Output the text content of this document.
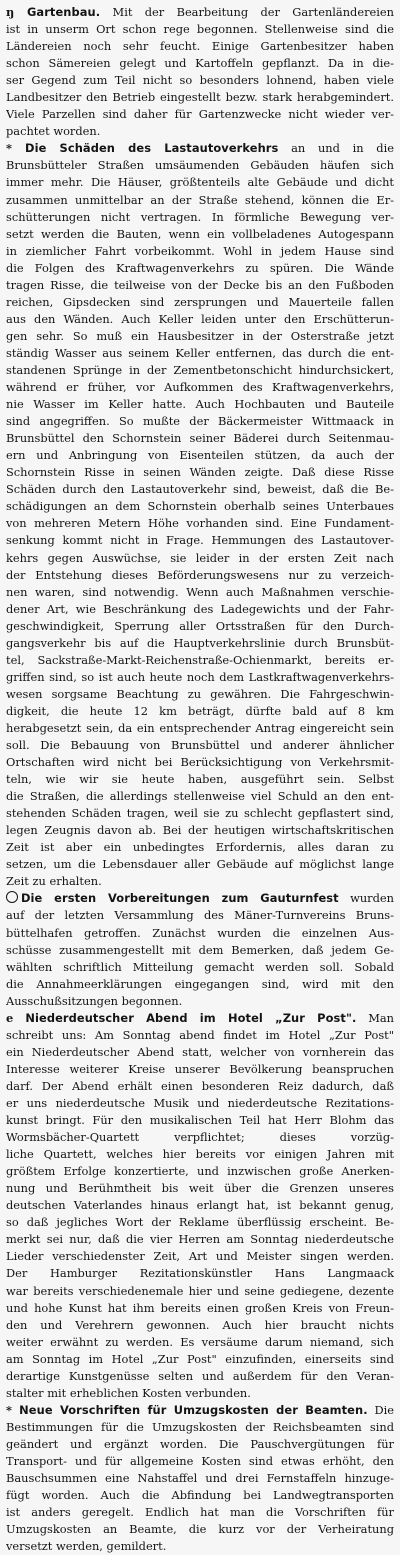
ŋ Gartenbau. Mit der Bearbeitung der Gartenländereien
ist in unserm Ort schon rege begonnen. Stellenweise sind die
Ländereien noch sehr feucht. Einige Gartenbesitzer haben
schon Sämereien gelegt und Kartoffeln gepflanzt. Da in die-
ser Gegend zum Teil nicht so besonders lohnend, haben viele
Landbesitzer den Betrieb eingestellt bezw. stark herabgemindert.
Viele Parzellen sind daher für Gartenzwecke nicht wieder ver-
pachtet worden.
* Die Schäden des Lastautoverkehrs an und in die
Brunsbütteler Straßen umsäumenden Gebäuden häufen sich
immer mehr. Die Häuser, größtenteils alte Gebäude und dicht
zusammen unmittelbar an der Straße stehend, können die Er-
schütterungen nicht vertragen. In förmliche Bewegung ver-
setzt werden die Bauten, wenn ein vollbeladenes Autogespann
in ziemlicher Fahrt vorbeikommt. Wohl in jedem Hause sind
die Folgen des Kraftwagenverkehrs zu spüren. Die Wände
tragen Risse, die teilweise von der Decke bis an den Fußboden
reichen, Gipsdecken sind zersprungen und Mauerteile fallen
aus den Wänden. Auch Keller leiden unter den Erschütterun-
gen sehr. So muß ein Hausbesitzer in der Osterstraße jetzt
ständig Wasser aus seinem Keller entfernen, das durch die ent-
standenen Sprünge in der Zementbetonschicht hindurchsickert,
während er früher, vor Aufkommen des Kraftwagenverkehrs,
nie Wasser im Keller hatte. Auch Hochbauten und Bauteile
sind angegriffen. So mußte der Bäckermeister Wittmaack in
Brunsbüttel den Schornstein seiner Bäderei durch Seitenmau-
ern und Anbringung von Eisenteilen stützen, da auch der
Schornstein Risse in seinen Wänden zeigte. Daß diese Risse
Schäden durch den Lastautoverkehr sind, beweist, daß die Be-
schädigungen an dem Schornstein oberhalb seines Unterbaues
von mehreren Metern Höhe vorhanden sind. Eine Fundament-
senkung kommt nicht in Frage. Hemmungen des Lastautover-
kehrs gegen Auswüchse, sie leider in der ersten Zeit nach
der Entstehung dieses Beförderungswesens nur zu verzeich-
nen waren, sind notwendig. Wenn auch Maßnahmen verschie-
dener Art, wie Beschränkung des Ladegewichts und der Fahr-
geschwindigkeit, Sperrung aller Ortsstraßen für den Durch-
gangsverkehr bis auf die Hauptverkehrslinie durch Brunsbüt-
tel, Sackstraße-Markt-Reichenstraße-Ochienmarkt, bereits er-
griffen sind, so ist auch heute noch dem Lastkraftwagenverkehrs-
wesen sorgsame Beachtung zu gewähren. Die Fahrgeschwin-
digkeit, die heute 12 km beträgt, dürfte bald auf 8 km
herabgesetzt sein, da ein entsprechender Antrag eingereicht sein
soll. Die Bebauung von Brunsbüttel und anderer ähnlicher
Ortschaften wird nicht bei Berücksichtigung von Verkehrsmit-
teln, wie wir sie heute haben, ausgeführt sein. Selbst
die Straßen, die allerdings stellenweise viel Schuld an den ent-
stehenden Schäden tragen, weil sie zu schlecht gepflastert sind,
legen Zeugnis davon ab. Bei der heutigen wirtschaftskritischen
Zeit ist aber ein unbedingtes Erfordernis, alles daran zu
setzen, um die Lebensdauer aller Gebäude auf möglichst lange
Zeit zu erhalten.
Die ersten Vorbereitungen zum Gauturnfest wurden
auf der letzten Versammlung des Mäner-Turnvereins Bruns-
büttelhafen getroffen. Zunächst wurden die einzelnen Aus-
schüsse zusammengestellt mit dem Bemerken, daß jedem Ge-
wählten schriftlich Mitteilung gemacht werden soll. Sobald
die Annahmeerklärungen eingegangen sind, wird mit den
Ausschußsitzungen begonnen.
e Niederdeutscher Abend im Hotel „Zur Post". Man
schreibt uns: Am Sonntag abend findet im Hotel „Zur Post"
ein Niederdeutscher Abend statt, welcher von vornherein das
Interesse weiterer Kreise unserer Bevölkerung beanspruchen
darf. Der Abend erhält einen besonderen Reiz dadurch, daß
er uns niederdeutsche Musik und niederdeutsche Rezitations-
kunst bringt. Für den musikalischen Teil hat Herr Blohm das
Wormsbächer-Quartett verpflichtet; dieses vorzüg-
liche Quartett, welches hier bereits vor einigen Jahren mit
größtem Erfolge konzertierte, und inzwischen große Anerken-
nung und Berühmtheit bis weit über die Grenzen unseres
deutschen Vaterlandes hinaus erlangt hat, ist bekannt genug,
so daß jegliches Wort der Reklame überflüssig erscheint. Be-
merkt sei nur, daß die vier Herren am Sonntag niederdeutsche
Lieder verschiedenster Zeit, Art und Meister singen werden.
Der Hamburger Rezitationskünstler Hans Langmaack
war bereits verschiedenemale hier und seine gediegene, dezente
und hohe Kunst hat ihm bereits einen großen Kreis von Freun-
den und Verehrern gewonnen. Auch hier braucht nichts
weiter erwähnt zu werden. Es versäume darum niemand, sich
am Sonntag im Hotel „Zur Post" einzufinden, einerseits sind
derartige Kunstgenüsse selten und außerdem für den Veran-
stalter mit erheblichen Kosten verbunden.
* Neue Vorschriften für Umzugskosten der Beamten. Die
Bestimmungen für die Umzugskosten der Reichsbeamten sind
geändert und ergänzt worden. Die Pauschvergütungen für
Transport- und für allgemeine Kosten sind etwas erhöht, den
Bauschsummen eine Nahstaffel und drei Fernstaffeln hinzuge-
fügt worden. Auch die Abfindung bei Landwegtransporten
ist anders geregelt. Endlich hat man die Vorschriften für
Umzugskosten an Beamte, die kurz vor der Verheiratung
versetzt werden, gemildert.
